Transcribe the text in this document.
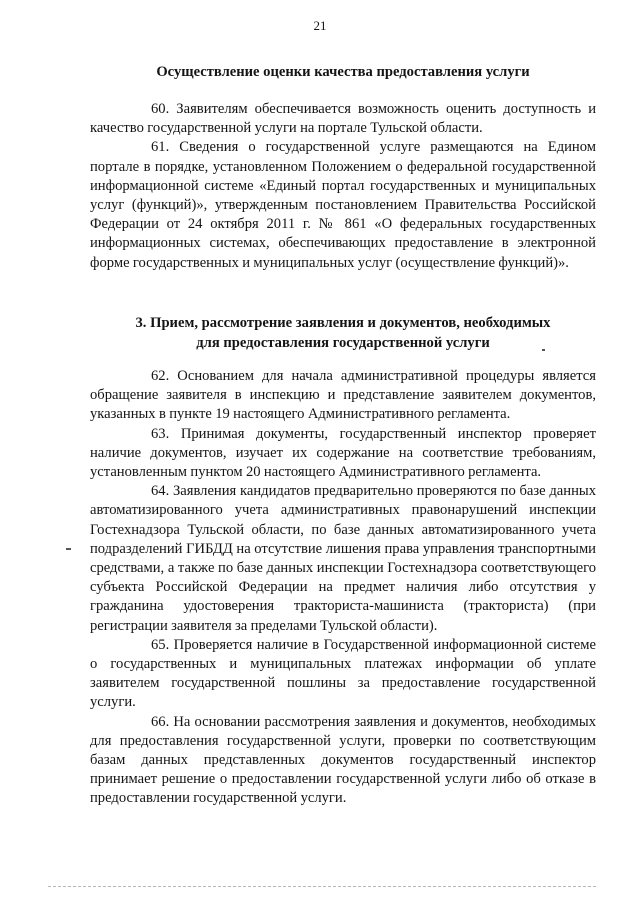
21
Осуществление оценки качества предоставления услуги
60. Заявителям обеспечивается возможность оценить доступность и качество государственной услуги на портале Тульской области.
61. Сведения о государственной услуге размещаются на Едином портале в порядке, установленном Положением о федеральной государственной информационной системе «Единый портал государственных и муниципальных услуг (функций)», утвержденным постановлением Правительства Российской Федерации от 24 октября 2011 г. № 861 «О федеральных государственных информационных системах, обеспечивающих предоставление в электронной форме государственных и муниципальных услуг (осуществление функций)».
3. Прием, рассмотрение заявления и документов, необходимых
для предоставления государственной услуги
62. Основанием для начала административной процедуры является обращение заявителя в инспекцию и представление заявителем документов, указанных в пункте 19 настоящего Административного регламента.
63. Принимая документы, государственный инспектор проверяет наличие документов, изучает их содержание на соответствие требованиям, установленным пунктом 20 настоящего Административного регламента.
64. Заявления кандидатов предварительно проверяются по базе данных автоматизированного учета административных правонарушений инспекции Гостехнадзора Тульской области, по базе данных автоматизированного учета подразделений ГИБДД на отсутствие лишения права управления транспортными средствами, а также по базе данных инспекции Гостехнадзора соответствующего субъекта Российской Федерации на предмет наличия либо отсутствия у гражданина удостоверения тракториста-машиниста (тракториста) (при регистрации заявителя за пределами Тульской области).
65. Проверяется наличие в Государственной информационной системе о государственных и муниципальных платежах информации об уплате заявителем государственной пошлины за предоставление государственной услуги.
66. На основании рассмотрения заявления и документов, необходимых для предоставления государственной услуги, проверки по соответствующим базам данных представленных документов государственный инспектор принимает решение о предоставлении государственной услуги либо об отказе в предоставлении государственной услуги.
